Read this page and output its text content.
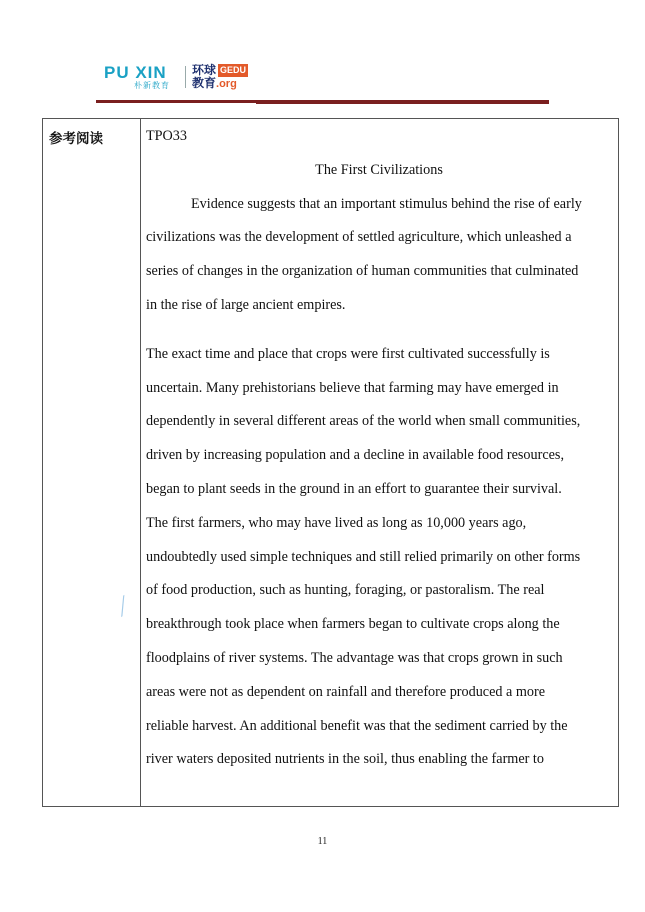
PU XIN
朴新教育
环球 GEDU
教育.org
参考阅读	TPO33
The First Civilizations
Evidence suggests that an important stimulus behind the rise of early
civilizations was the development of settled agriculture, which unleashed a
series of changes in the organization of human communities that culminated
in the rise of large ancient empires.
The exact time and place that crops were first cultivated successfully is
uncertain. Many prehistorians believe that farming may have emerged in
dependently in several different areas of the world when small communities,
driven by increasing population and a decline in available food resources,
began to plant seeds in the ground in an effort to guarantee their survival.
The first farmers, who may have lived as long as 10,000 years ago,
undoubtedly used simple techniques and still relied primarily on other forms
of food production, such as hunting, foraging, or pastoralism. The real
breakthrough took place when farmers began to cultivate crops along the
floodplains of river systems. The advantage was that crops grown in such
areas were not as dependent on rainfall and therefore produced a more
reliable harvest. An additional benefit was that the sediment carried by the
river waters deposited nutrients in the soil, thus enabling the farmer to
⟋
11
